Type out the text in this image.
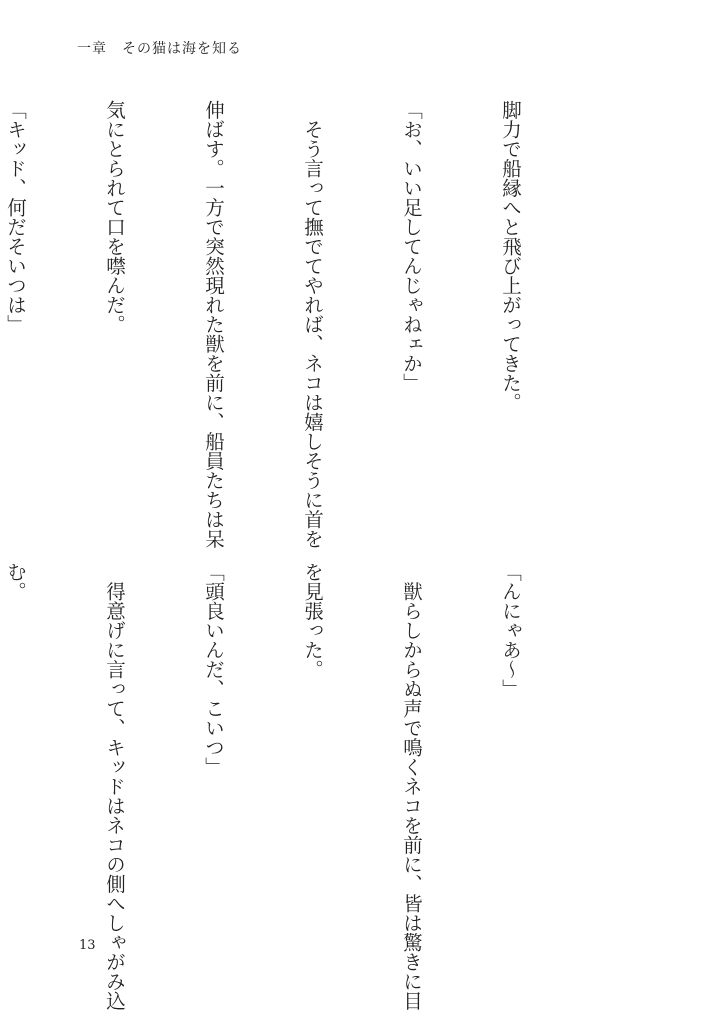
一章　その猫は海を知る

脚力で船縁へと飛び上がってきた。

「お、いい足してんじゃねェか」

　そう言って撫でてやれば、ネコは嬉しそうに首を

伸ばす。一方で突然現れた獣を前に、船員たちは呆

気にとられて口を噤んだ。

「キッド、何だそいつは」

「んにゃあ〜」

　獣らしからぬ声で鳴くネコを前に、皆は驚きに目

を見張った。

「頭良いんだ、こいつ」

　得意げに言って、キッドはネコの側へしゃがみ込

む。

13
